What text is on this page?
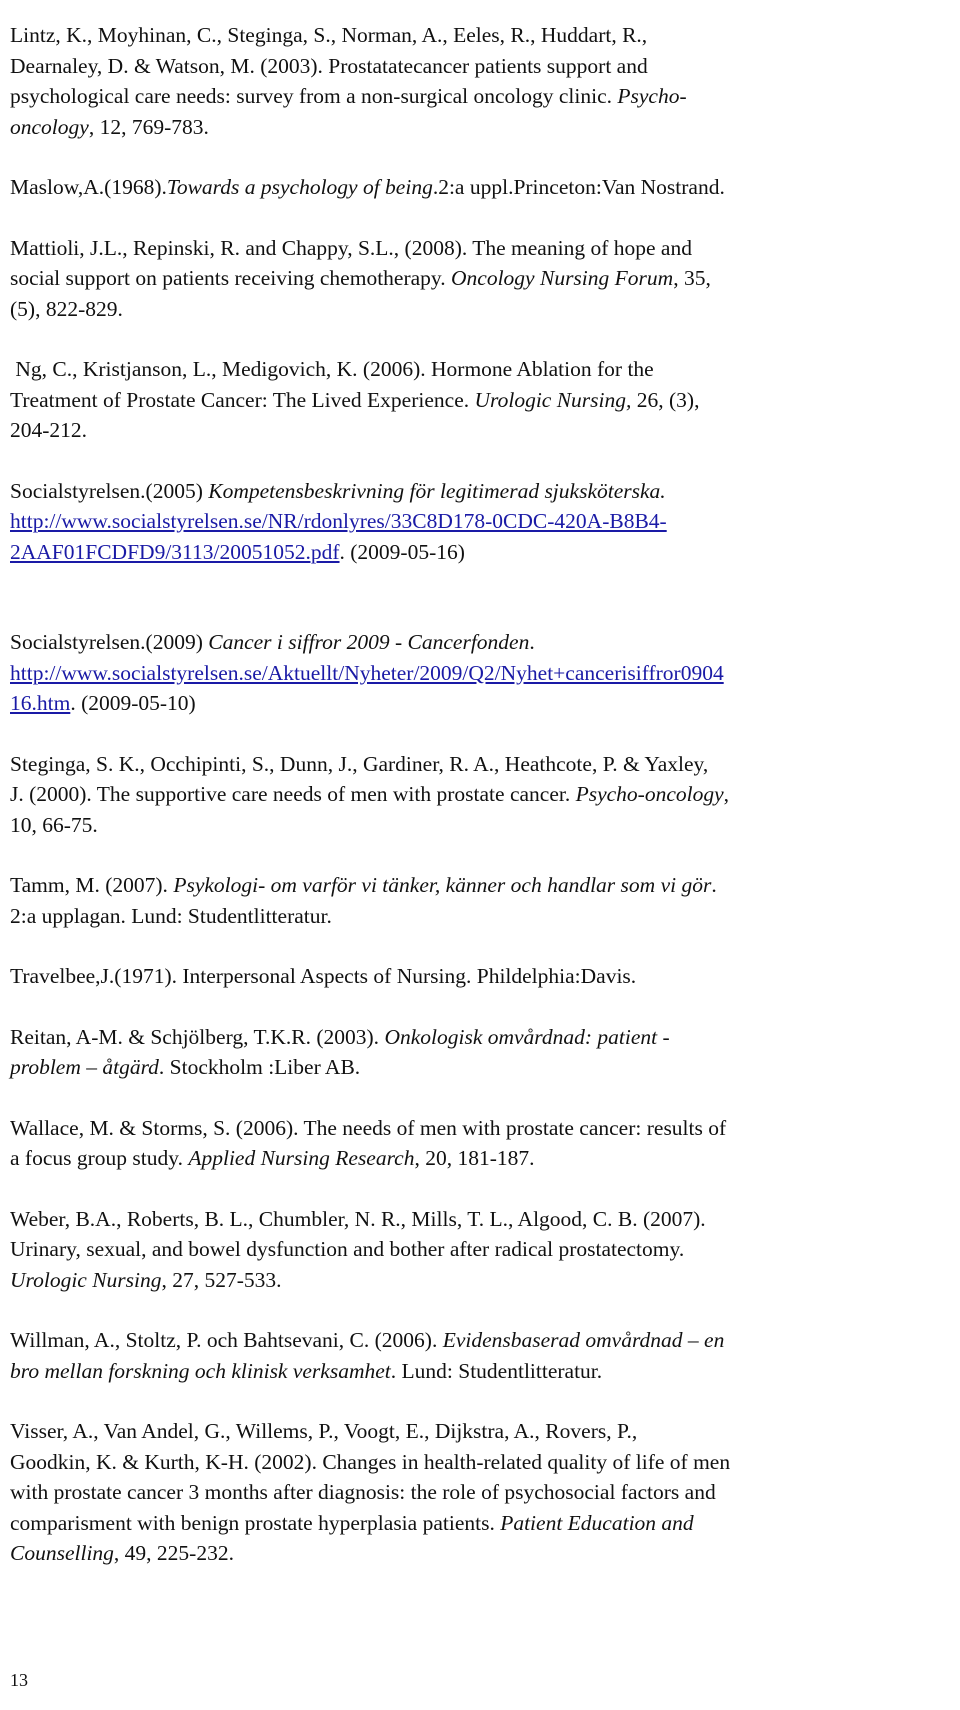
Lintz, K., Moyhinan, C., Steginga, S., Norman, A., Eeles, R., Huddart, R.,
Dearnaley, D. & Watson, M. (2003). Prostatatecancer patients support and
psychological care needs: survey from a non-surgical oncology clinic. Psycho-
oncology, 12, 769-783.

Maslow,A.(1968).Towards a psychology of being.2:a uppl.Princeton:Van Nostrand.

Mattioli, J.L., Repinski, R. and Chappy, S.L., (2008). The meaning of hope and
social support on patients receiving chemotherapy. Oncology Nursing Forum, 35,
(5), 822-829.

Ng, C., Kristjanson, L., Medigovich, K. (2006). Hormone Ablation for the
Treatment of Prostate Cancer: The Lived Experience. Urologic Nursing, 26, (3),
204-212.

Socialstyrelsen.(2005) Kompetensbeskrivning för legitimerad sjuksköterska.
http://www.socialstyrelsen.se/NR/rdonlyres/33C8D178-0CDC-420A-B8B4-
2AAF01FCDFD9/3113/20051052.pdf. (2009-05-16)

Socialstyrelsen.(2009) Cancer i siffror 2009 - Cancerfonden.
http://www.socialstyrelsen.se/Aktuellt/Nyheter/2009/Q2/Nyhet+cancerisiffror0904
16.htm. (2009-05-10)

Steginga, S. K., Occhipinti, S., Dunn, J., Gardiner, R. A., Heathcote, P. & Yaxley,
J. (2000). The supportive care needs of men with prostate cancer. Psycho-oncology,
10, 66-75.

Tamm, M. (2007). Psykologi- om varför vi tänker, känner och handlar som vi gör.
2:a upplagan. Lund: Studentlitteratur.

Travelbee,J.(1971). Interpersonal Aspects of Nursing. Phildelphia:Davis.

Reitan, A-M. & Schjölberg, T.K.R. (2003). Onkologisk omvårdnad: patient -
problem – åtgärd. Stockholm :Liber AB.

Wallace, M. & Storms, S. (2006). The needs of men with prostate cancer: results of
a focus group study. Applied Nursing Research, 20, 181-187.

Weber, B.A., Roberts, B. L., Chumbler, N. R., Mills, T. L., Algood, C. B. (2007).
Urinary, sexual, and bowel dysfunction and bother after radical prostatectomy.
Urologic Nursing, 27, 527-533.

Willman, A., Stoltz, P. och Bahtsevani, C. (2006). Evidensbaserad omvårdnad – en
bro mellan forskning och klinisk verksamhet. Lund: Studentlitteratur.

Visser, A., Van Andel, G., Willems, P., Voogt, E., Dijkstra, A., Rovers, P.,
Goodkin, K. & Kurth, K-H. (2002). Changes in health-related quality of life of men
with prostate cancer 3 months after diagnosis: the role of psychosocial factors and
comparisment with benign prostate hyperplasia patients. Patient Education and
Counselling, 49, 225-232.

13
